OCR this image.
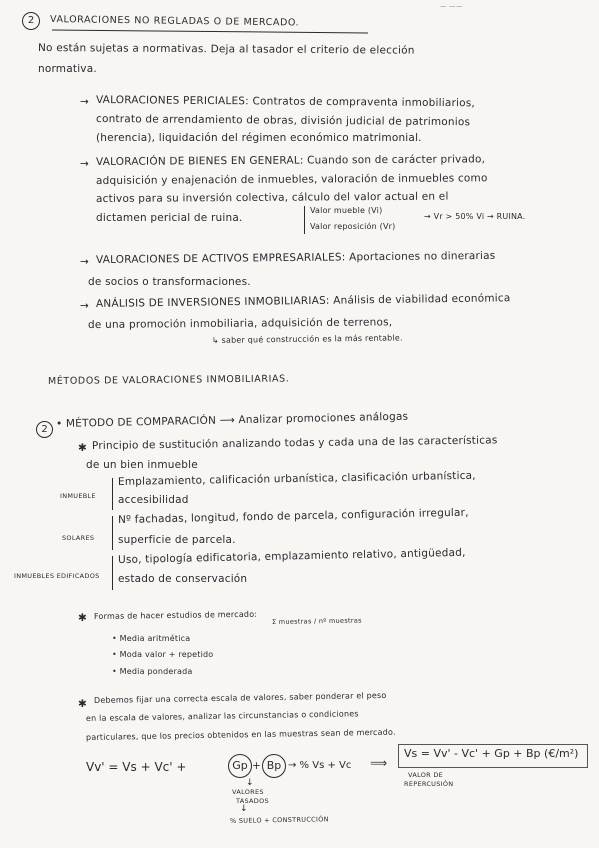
— ——
2	VALORACIONES NO REGLADAS O DE MERCADO.
No están sujetas a normativas. Deja al tasador el criterio de elección
normativa.
→ VALORACIONES PERICIALES: Contratos de compraventa inmobiliarios,
contrato de arrendamiento de obras, división judicial de patrimonios
(herencia), liquidación del régimen económico matrimonial.
→ VALORACIÓN DE BIENES EN GENERAL: Cuando son de carácter privado,
adquisición y enajenación de inmuebles, valoración de inmuebles como
activos para su inversión colectiva, cálculo del valor actual en el
dictamen pericial de ruina.
Valor mueble (Vi)
Valor reposición (Vr)
→ Vr > 50% Vi → RUINA.
→ VALORACIONES DE ACTIVOS EMPRESARIALES: Aportaciones no dinerarias
de socios o transformaciones.
→ ANÁLISIS DE INVERSIONES INMOBILIARIAS: Análisis de viabilidad económica
de una promoción inmobiliaria, adquisición de terrenos,
↳ saber qué construcción es la más rentable.
MÉTODOS DE VALORACIONES INMOBILIARIAS.
2 • MÉTODO DE COMPARACIÓN ⟶ Analizar promociones análogas
✱ Principio de sustitución analizando todas y cada una de las características
de un bien inmueble
INMUEBLE
Emplazamiento, calificación urbanística, clasificación urbanística,
accesibilidad
SOLARES
Nº fachadas, longitud, fondo de parcela, configuración irregular,
superficie de parcela.
INMUEBLES EDIFICADOS
Uso, tipología edificatoria, emplazamiento relativo, antigüedad,
estado de conservación
✱ Formas de hacer estudios de mercado:
Σ muestras / nº muestras
• Media aritmética
• Moda valor + repetido
• Media ponderada
✱ Debemos fijar una correcta escala de valores, saber ponderar el peso
en la escala de valores, analizar las circunstancias o condiciones
particulares, que los precios obtenidos en las muestras sean de mercado.
Vv' = Vs + Vc' +	Gp + Bp → % Vs + Vc ⟹
Vs = Vv' - Vc' + Gp + Bp (€/m²)
↓
VALORES
TASADOS
↓
% SUELO + CONSTRUCCIÓN
VALOR DE
REPERCUSIÓN
